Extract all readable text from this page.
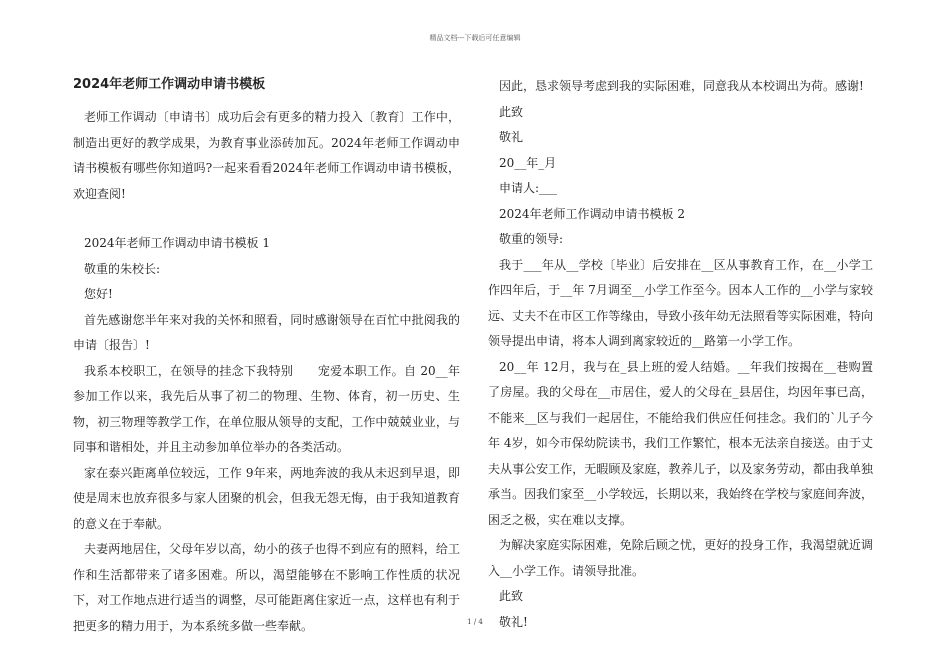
精品文档---下载后可任意编辑
2024年老师工作调动申请书模板

老师工作调动〔申请书〕成功后会有更多的精力投入〔教育〕工作中，制造出更好的教学成果，为教育事业添砖加瓦。2024年老师工作调动申请书模板有哪些你知道吗?一起来看看2024年老师工作调动申请书模板，欢迎查阅!

2024年老师工作调动申请书模板 1

敬重的朱校长:

您好!

首先感谢您半年来对我的关怀和照看，同时感谢领导在百忙中批阅我的申请〔报告〕!

我系本校职工，在领导的挂念下我特别　　宠爱本职工作。自 20__年参加工作以来，我先后从事了初二的物理、生物、体育，初一历史、生物，初三物理等教学工作，在单位服从领导的支配，工作中兢兢业业，与同事和谐相处，并且主动参加单位举办的各类活动。

家在泰兴距离单位较远，工作 9年来，两地奔波的我从未迟到早退，即使是周末也放弃很多与家人团聚的机会，但我无怨无悔，由于我知道教育的意义在于奉献。

夫妻两地居住，父母年岁以高，幼小的孩子也得不到应有的照料，给工作和生活都带来了诸多困难。所以，渴望能够在不影响工作性质的状况下，对工作地点进行适当的调整，尽可能距离住家近一点，这样也有利于把更多的精力用于，为本系统多做一些奉献。

因此，恳求领导考虑到我的实际困难，同意我从本校调出为荷。感谢!

此致

敬礼

20__年_月

申请人:___

2024年老师工作调动申请书模板 2

敬重的领导:

我于___年从__学校〔毕业〕后安排在__区从事教育工作，在__小学工作四年后，于__年 7月调至__小学工作至今。因本人工作的__小学与家较远、丈夫不在市区工作等缘由，导致小孩年幼无法照看等实际困难，特向领导提出申请，将本人调到离家较近的__路第一小学工作。

20__年 12月，我与在_县上班的爱人结婚。__年我们按揭在__巷购置了房屋。我的父母在__市居住，爱人的父母在_县居住，均因年事已高，不能来__区与我们一起居住，不能给我们供应任何挂念。我们的`儿子今年 4岁，如今市保幼院读书，我们工作繁忙，根本无法亲自接送。由于丈夫从事公安工作，无暇顾及家庭，教养儿子，以及家务劳动，都由我单独承当。因我们家至__小学较远，长期以来，我始终在学校与家庭间奔波，困乏之极，实在难以支撑。

为解决家庭实际困难，免除后顾之忧，更好的投身工作，我渴望就近调入__小学工作。请领导批准。

此致

敬礼!

1 / 4
